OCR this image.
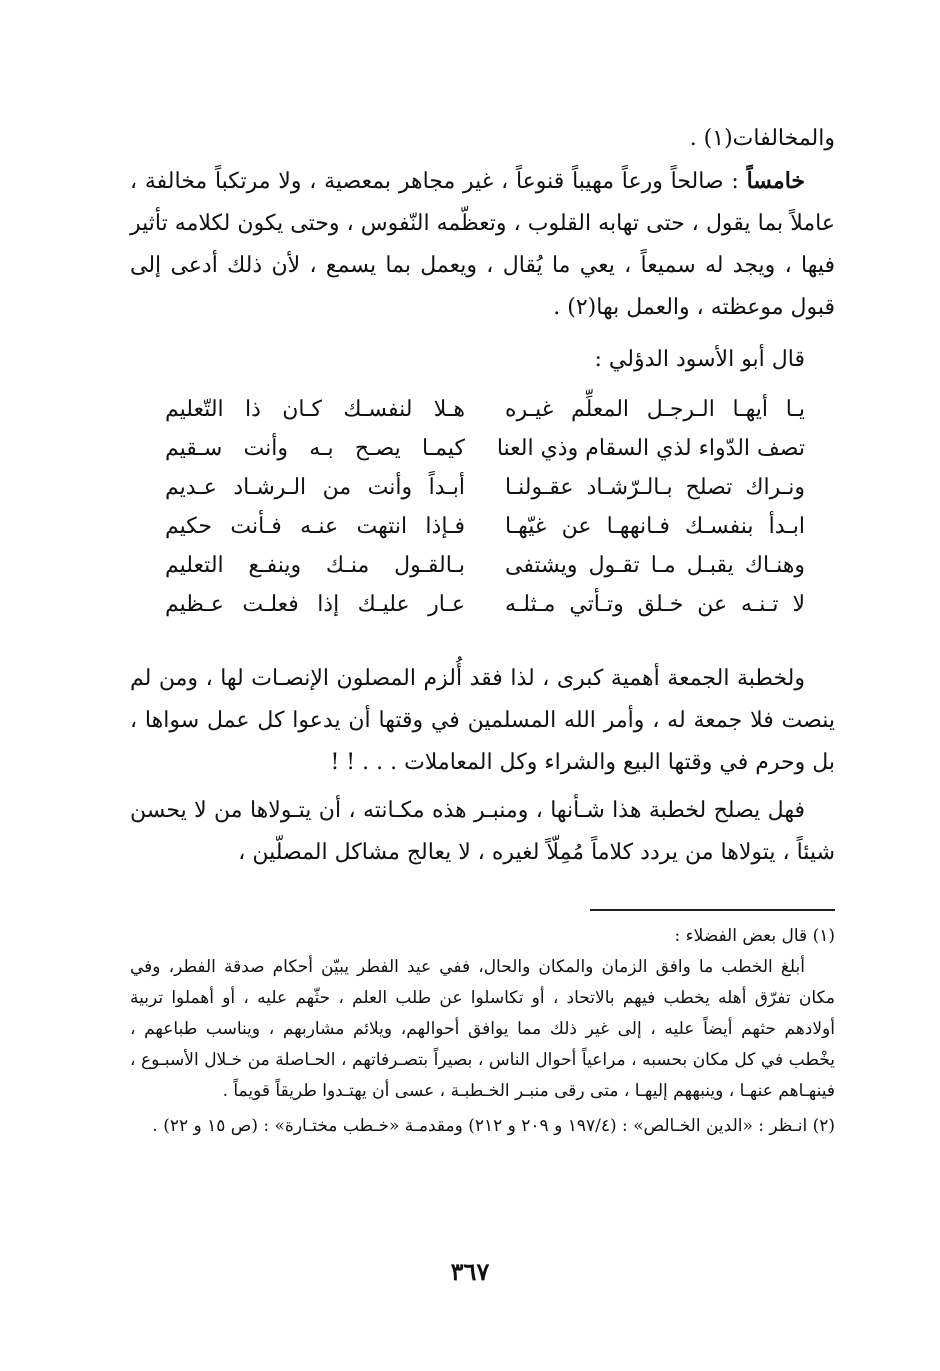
والمخالفات(١) .

خامساً : صالحاً ورعاً مهيباً قنوعاً ، غير مجاهر بمعصية ، ولا مرتكباً مخالفة ، عاملاً بما يقول ، حتى تهابه القلوب ، وتعظّمه النّفوس ، وحتى يكون لكلامه تأثير فيها ، ويجد له سميعاً ، يعي ما يُقال ، ويعمل بما يسمع ، لأن ذلك أدعى إلى قبول موعظته ، والعمل بها(٢) .

قال أبو الأسود الدؤلي :

يـا أيهـا الـرجـل المعلِّم غيـره
هـلا لنفسـك كـان ذا التّعليم
تصف الدّواء لذي السقام وذي العنا
كيمـا يصـح بـه وأنت سـقيم
ونـراك تصلح بـالـرّشـاد عقـولنـا
أبـداً وأنت من الـرشـاد عـديم
ابـدأ بنفسـك فـانههـا عن غيّهـا
فـإذا انتهت عنـه فـأنت حكيم
وهنـاك يقبـل مـا تقـول ويشتفى
بـالقـول منـك وينفـع التعليم
لا تـنـه عن خـلق وتـأتي مـثلـه
عـار عليـك إذا فعلـت عـظيم

ولخطبة الجمعة أهمية كبرى ، لذا فقد أُلزم المصلون الإنصـات لها ، ومن لم ينصت فلا جمعة له ، وأمر الله المسلمين في وقتها أن يدعوا كل عمل سواها ، بل وحرم في وقتها البيع والشراء وكل المعاملات . . . ! !

فهل يصلح لخطبة هذا شـأنها ، ومنبـر هذه مكـانته ، أن يتـولاها من لا يحسن شيئاً ، يتولاها من يردد كلاماً مُمِلّاً لغيره ، لا يعالج مشاكل المصلّين ،

(١) قال بعض الفضلاء :

أبلغ الخطب ما وافق الزمان والمكان والحال، ففي عيد الفطر يبيّن أحكام صدقة الفطر، وفي مكان تفرّق أهله يخطب فيهم بالاتحاد ، أو تكاسلوا عن طلب العلم ، حثّهم عليه ، أو أهملوا تربية أولادهم حثهم أيضاً عليه ، إلى غير ذلك مما يوافق أحوالهم، ويلائم مشاربهم ، ويناسب طباعهم ، يخْطب في كل مكان بحسبه ، مراعياً أحوال الناس ، بصيراً بتصـرفاتهم ، الحـاصلة من خـلال الأسبـوع ، فينهـاهم عنهـا ، وينبههم إليهـا ، متى رقى منبـر الخـطبـة ، عسى أن يهتـدوا طريقاً قويماً .

(٢) انـظر : «الدين الخـالص» : (١٩٧/٤ و ٢٠٩ و ٢١٢) ومقدمـة «خـطب مختـارة» : (ص ١٥ و ٢٢) .

٣٦٧
